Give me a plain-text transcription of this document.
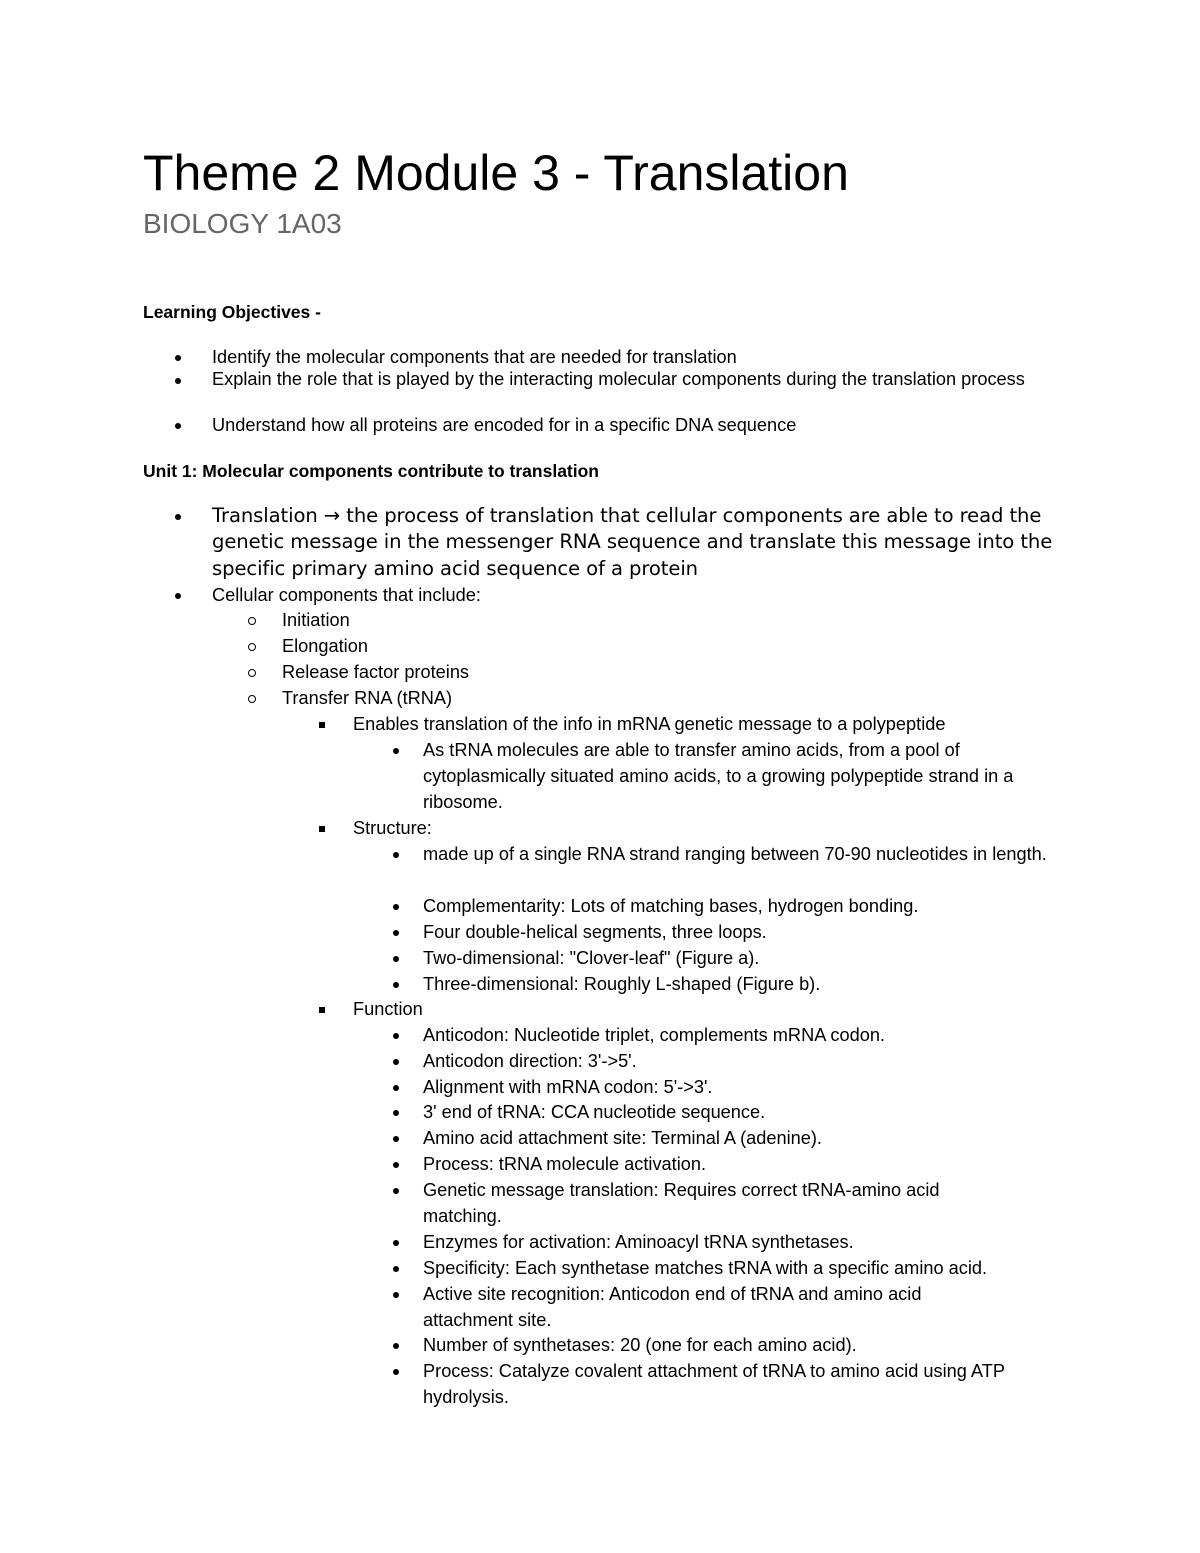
Theme 2 Module 3 - Translation
BIOLOGY 1A03
Learning Objectives -
Identify the molecular components that are needed for translation
Explain the role that is played by the interacting molecular components during the translation process
Understand how all proteins are encoded for in a specific DNA sequence
Unit 1: Molecular components contribute to translation
Translation → the process of translation that cellular components are able to read the genetic message in the messenger RNA sequence and translate this message into the specific primary amino acid sequence of a protein
Cellular components that include:
Initiation
Elongation
Release factor proteins
Transfer RNA (tRNA)
Enables translation of the info in mRNA genetic message to a polypeptide
As tRNA molecules are able to transfer amino acids, from a pool of cytoplasmically situated amino acids, to a growing polypeptide strand in a ribosome.
Structure:
made up of a single RNA strand ranging between 70-90 nucleotides in length.
Complementarity: Lots of matching bases, hydrogen bonding.
Four double-helical segments, three loops.
Two-dimensional: "Clover-leaf" (Figure a).
Three-dimensional: Roughly L-shaped (Figure b).
Function
Anticodon: Nucleotide triplet, complements mRNA codon.
Anticodon direction: 3'->5'.
Alignment with mRNA codon: 5'->3'.
3' end of tRNA: CCA nucleotide sequence.
Amino acid attachment site: Terminal A (adenine).
Process: tRNA molecule activation.
Genetic message translation: Requires correct tRNA-amino acid matching.
Enzymes for activation: Aminoacyl tRNA synthetases.
Specificity: Each synthetase matches tRNA with a specific amino acid.
Active site recognition: Anticodon end of tRNA and amino acid attachment site.
Number of synthetases: 20 (one for each amino acid).
Process: Catalyze covalent attachment of tRNA to amino acid using ATP hydrolysis.
